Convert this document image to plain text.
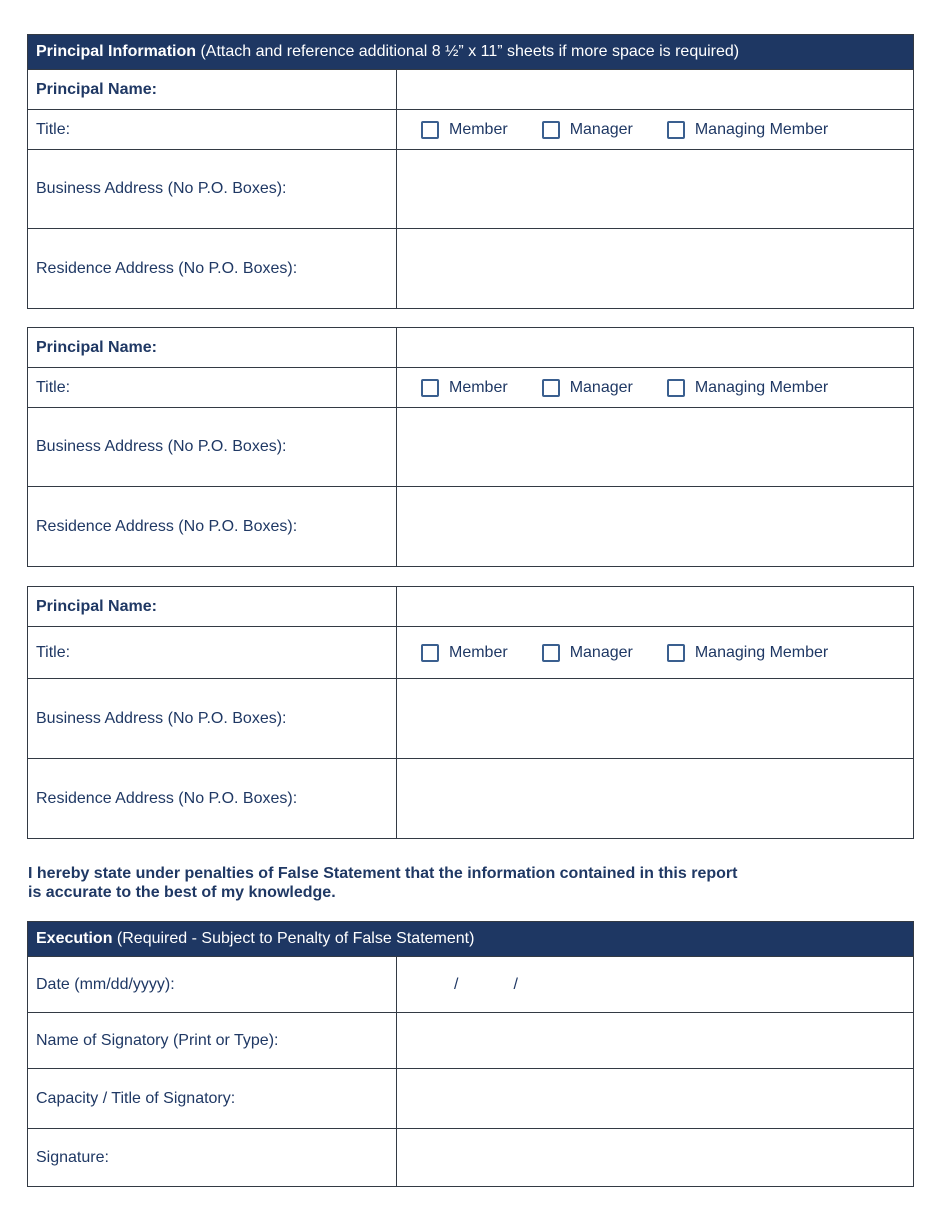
Principal Information (Attach and reference additional 8 ½” x 11” sheets if more space is required)
Principal Name:
Title:	Member	Manager	Managing Member
Business Address (No P.O. Boxes):
Residence Address (No P.O. Boxes):
Principal Name:
Title:	Member	Manager	Managing Member
Business Address (No P.O. Boxes):
Residence Address (No P.O. Boxes):
Principal Name:
Title:	Member	Manager	Managing Member
Business Address (No P.O. Boxes):
Residence Address (No P.O. Boxes):
I hereby state under penalties of False Statement that the information contained in this report
is accurate to the best of my knowledge.
Execution (Required - Subject to Penalty of False Statement)
Date (mm/dd/yyyy):	/	/
Name of Signatory (Print or Type):
Capacity / Title of Signatory:
Signature:
